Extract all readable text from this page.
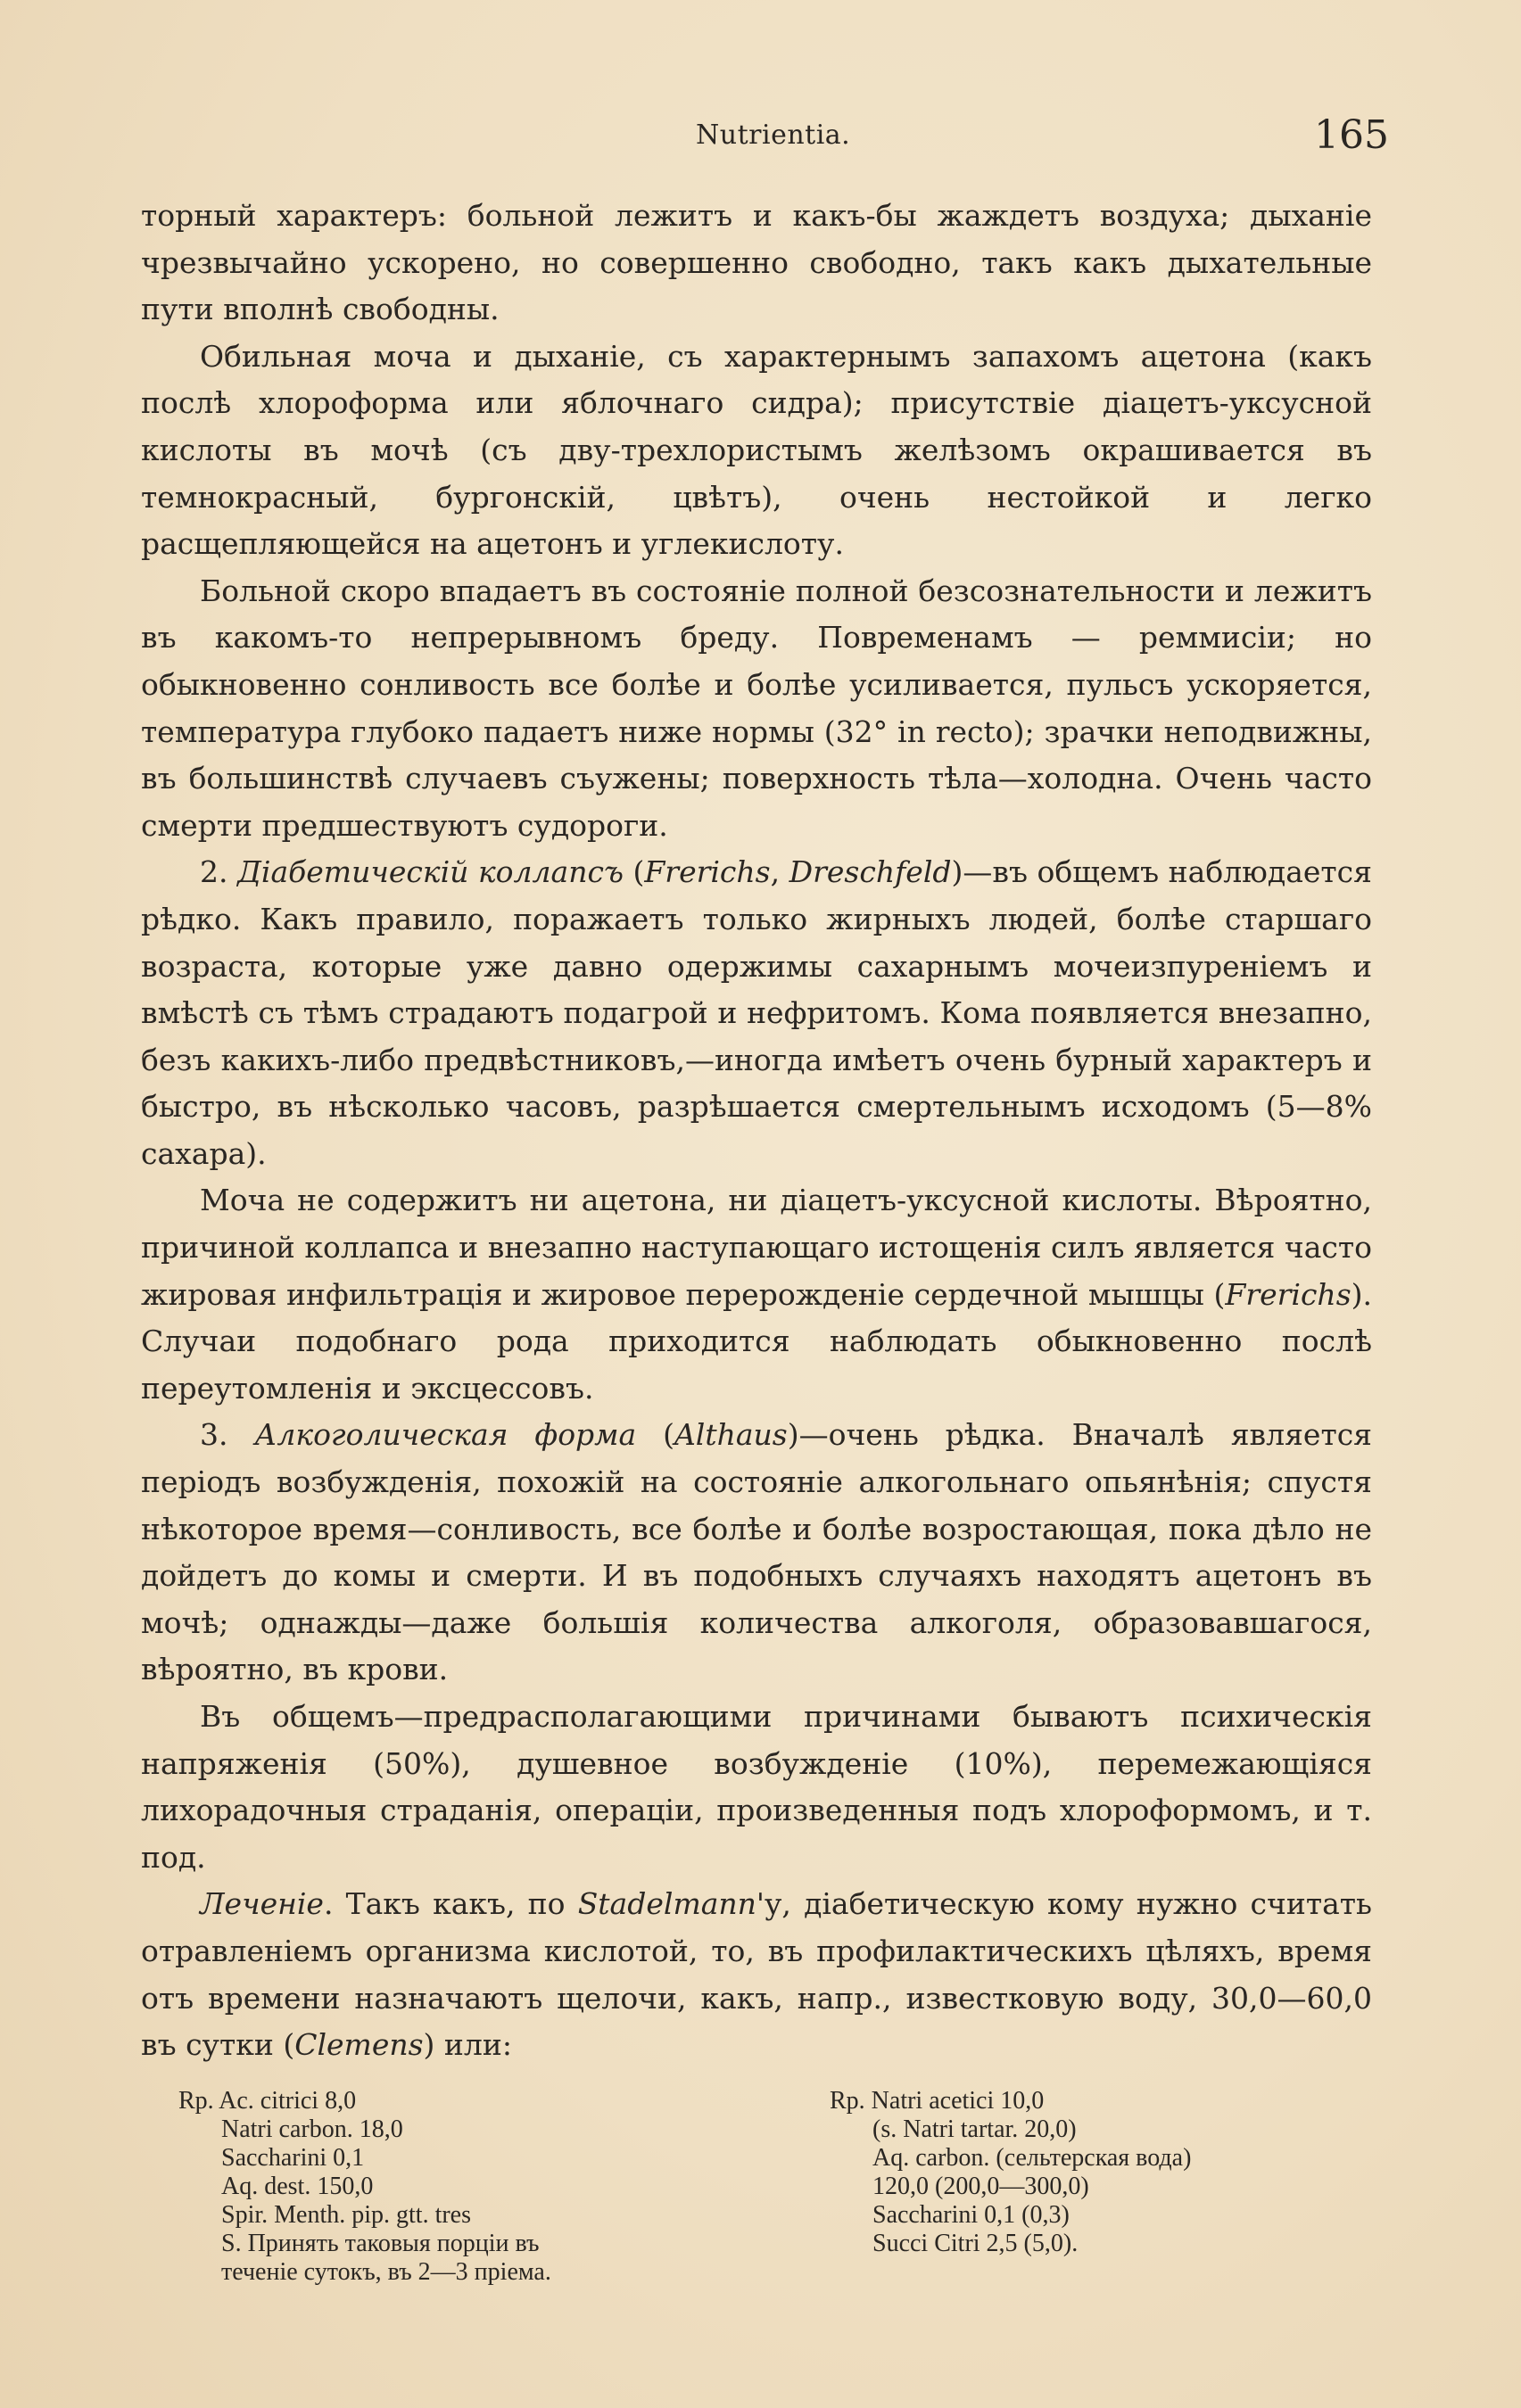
Nutrientia.	165

торный характеръ: больной лежитъ и какъ-бы жаждетъ воздуха; дыханіе чрезвычайно ускорено, но совершенно свободно, такъ какъ дыхательные пути вполнѣ свободны.

Обильная моча и дыханіе, съ характернымъ запахомъ ацетона (какъ послѣ хлороформа или яблочнаго сидра); присутствіе діацетъ-уксусной кислоты въ мочѣ (съ дву-трехлористымъ желѣзомъ окрашивается въ темнокрасный, бургонскій, цвѣтъ), очень нестойкой и легко расщепляющейся на ацетонъ и углекислоту.

Больной скоро впадаетъ въ состояніе полной безсознательности и лежитъ въ какомъ-то непрерывномъ бреду. Повременамъ — реммисіи; но обыкновенно сонливость все болѣе и болѣе усиливается, пульсъ ускоряется, температура глубоко падаетъ ниже нормы (32° in recto); зрачки неподвижны, въ большинствѣ случаевъ съужены; поверхность тѣла—холодна. Очень часто смерти предшествуютъ судороги.

2. Діабетическій коллапсъ (Frerichs, Dreschfeld)—въ общемъ наблюдается рѣдко. Какъ правило, поражаетъ только жирныхъ людей, болѣе старшаго возраста, которые уже давно одержимы сахарнымъ мочеизпуреніемъ и вмѣстѣ съ тѣмъ страдаютъ подагрой и нефритомъ. Кома появляется внезапно, безъ какихъ-либо предвѣстниковъ,—иногда имѣетъ очень бурный характеръ и быстро, въ нѣсколько часовъ, разрѣшается смертельнымъ исходомъ (5—8% сахара).

Моча не содержитъ ни ацетона, ни діацетъ-уксусной кислоты. Вѣроятно, причиной коллапса и внезапно наступающаго истощенія силъ является часто жировая инфильтрація и жировое перерожденіе сердечной мышцы (Frerichs). Случаи подобнаго рода приходится наблюдать обыкновенно послѣ переутомленія и эксцессовъ.

3. Алкоголическая форма (Althaus)—очень рѣдка. Вначалѣ является періодъ возбужденія, похожій на состояніе алкогольнаго опьянѣнія; спустя нѣкоторое время—сонливость, все болѣе и болѣе возростающая, пока дѣло не дойдетъ до комы и смерти. И въ подобныхъ случаяхъ находятъ ацетонъ въ мочѣ; однажды—даже большія количества алкоголя, образовавшагося, вѣроятно, въ крови.

Въ общемъ—предрасполагающими причинами бываютъ психическія напряженія (50%), душевное возбужденіе (10%), перемежающіяся лихорадочныя страданія, операціи, произведенныя подъ хлороформомъ, и т. под.

Леченіе. Такъ какъ, по Stadelmann'у, діабетическую кому нужно считать отравленіемъ организма кислотой, то, въ профилактическихъ цѣляхъ, время отъ времени назначаютъ щелочи, какъ, напр., известковую воду, 30,0—60,0 въ сутки (Clemens) или:

Rp. Ac. citrici 8,0
Natri carbon. 18,0
Saccharini 0,1
Aq. dest. 150,0
Spir. Menth. pip. gtt. tres
S. Принять таковыя порціи въ
теченіе сутокъ, въ 2—3 пріема.
Rp. Natri acetici 10,0
(s. Natri tartar. 20,0)
Aq. carbon. (сельтерская вода)
120,0 (200,0—300,0)
Saccharini 0,1 (0,3)
Succi Citri 2,5 (5,0).
